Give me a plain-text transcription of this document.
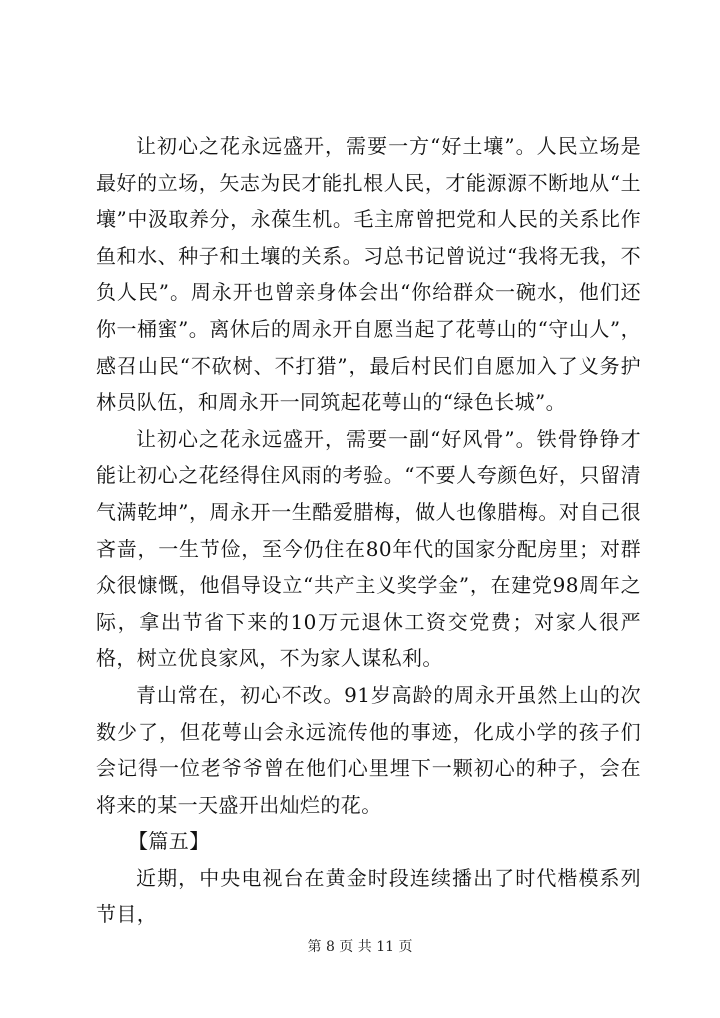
让初心之花永远盛开，需要一方“好土壤”。人民立场是最好的立场，矢志为民才能扎根人民，才能源源不断地从“土壤”中汲取养分，永葆生机。毛主席曾把党和人民的关系比作鱼和水、种子和土壤的关系。习总书记曾说过“我将无我，不负人民”。周永开也曾亲身体会出“你给群众一碗水，他们还你一桶蜜”。离休后的周永开自愿当起了花萼山的“守山人”，感召山民“不砍树、不打猎”，最后村民们自愿加入了义务护林员队伍，和周永开一同筑起花萼山的“绿色长城”。

让初心之花永远盛开，需要一副“好风骨”。铁骨铮铮才能让初心之花经得住风雨的考验。“不要人夸颜色好，只留清气满乾坤”，周永开一生酷爱腊梅，做人也像腊梅。对自己很吝啬，一生节俭，至今仍住在80年代的国家分配房里；对群众很慷慨，他倡导设立“共产主义奖学金”，在建党98周年之际，拿出节省下来的10万元退休工资交党费；对家人很严格，树立优良家风，不为家人谋私利。

青山常在，初心不改。91岁高龄的周永开虽然上山的次数少了，但花萼山会永远流传他的事迹，化成小学的孩子们会记得一位老爷爷曾在他们心里埋下一颗初心的种子，会在将来的某一天盛开出灿烂的花。

【篇五】

近期，中央电视台在黄金时段连续播出了时代楷模系列节目，

第 8 页 共 11 页
